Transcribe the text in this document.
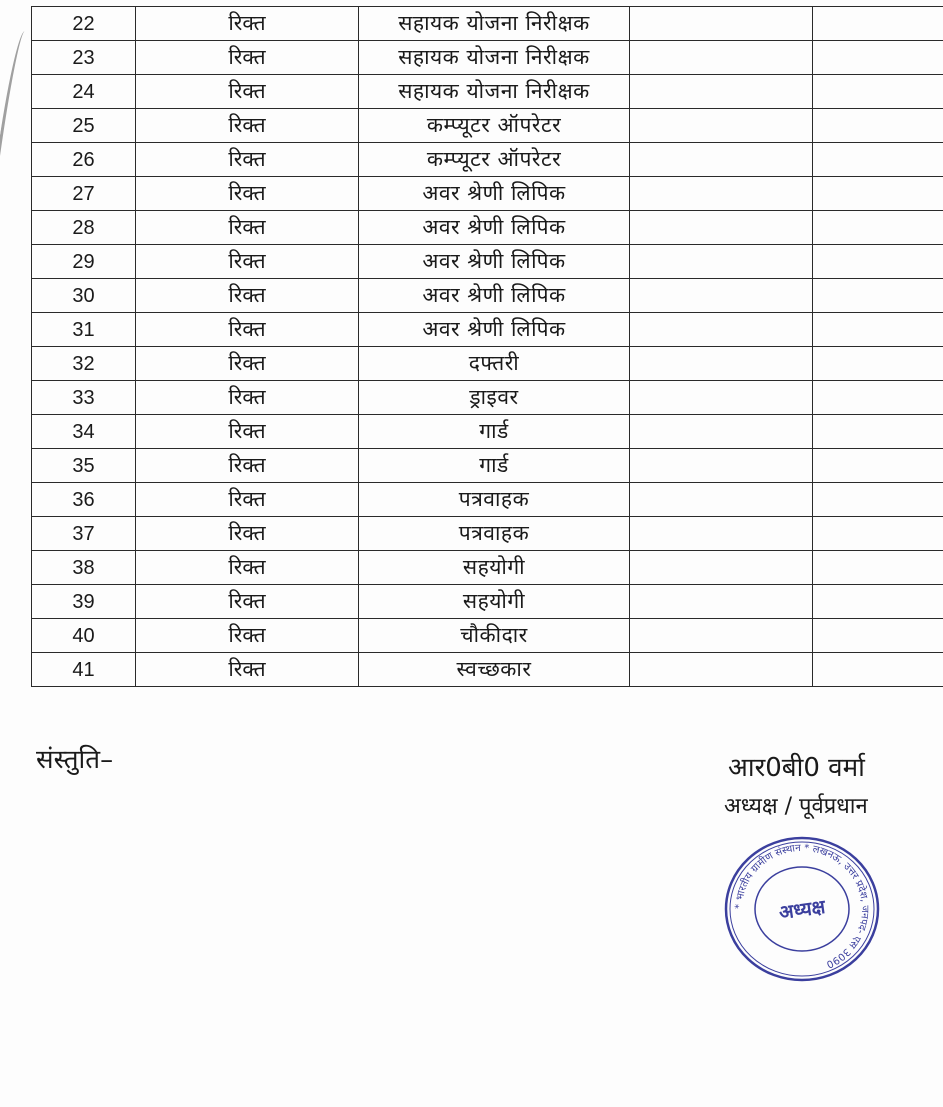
22	रिक्त	सहायक योजना निरीक्षक		
23	रिक्त	सहायक योजना निरीक्षक		
24	रिक्त	सहायक योजना निरीक्षक		
25	रिक्त	कम्प्यूटर ऑपरेटर		
26	रिक्त	कम्प्यूटर ऑपरेटर		
27	रिक्त	अवर श्रेणी लिपिक		
28	रिक्त	अवर श्रेणी लिपिक		
29	रिक्त	अवर श्रेणी लिपिक		
30	रिक्त	अवर श्रेणी लिपिक		
31	रिक्त	अवर श्रेणी लिपिक		
32	रिक्त	दफ्तरी		
33	रिक्त	ड्राइवर		
34	रिक्त	गार्ड		
35	रिक्त	गार्ड		
36	रिक्त	पत्रवाहक		
37	रिक्त	पत्रवाहक		
38	रिक्त	सहयोगी		
39	रिक्त	सहयोगी		
40	रिक्त	चौकीदार		
41	रिक्त	स्वच्छकार		
संस्तुति–	आर0बी0 वर्मा
अध्यक्ष / पूर्वप्रधान
* भारतीय ग्रामीण संस्थान * लखनऊ, उत्तर प्रदेश, जनपद- एस 3090
अध्यक्ष
